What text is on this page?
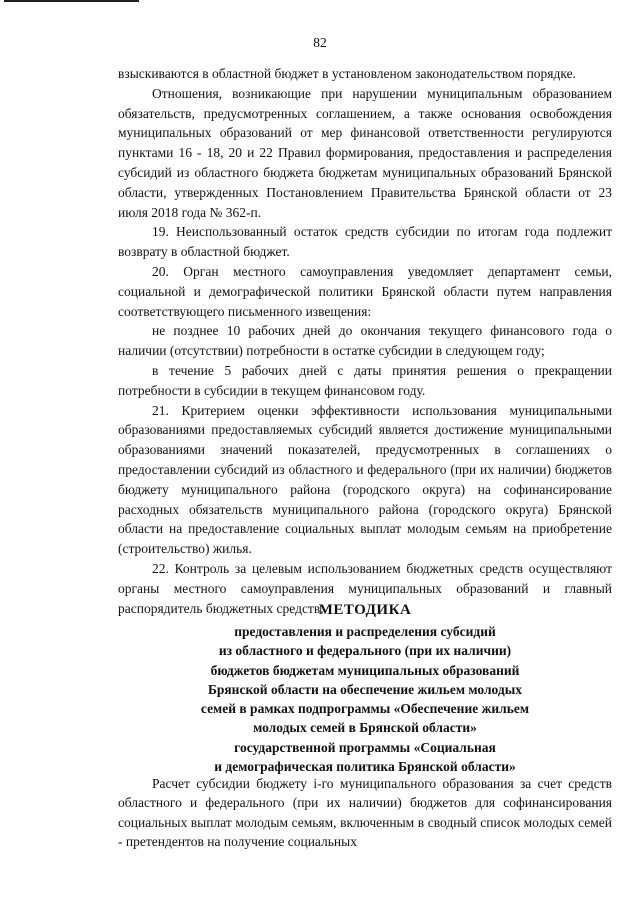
82

взыскиваются в областной бюджет в установленом законодательством порядке.

Отношения, возникающие при нарушении муниципальным образованием обязательств, предусмотренных соглашением, а также основания освобождения муниципальных образований от мер финансовой ответственности регулируются пунктами 16 - 18, 20 и 22 Правил формирования, предоставления и распределения субсидий из областного бюджета бюджетам муниципальных образований Брянской области, утвержденных Постановлением Правительства Брянской области от 23 июля 2018 года № 362-п.

19. Неиспользованный остаток средств субсидии по итогам года подлежит возврату в областной бюджет.

20. Орган местного самоуправления уведомляет департамент семьи, социальной и демографической политики Брянской области путем направления соответствующего письменного извещения:

не позднее 10 рабочих дней до окончания текущего финансового года о наличии (отсутствии) потребности в остатке субсидии в следующем году;

в течение 5 рабочих дней с даты принятия решения о прекращении потребности в субсидии в текущем финансовом году.

21. Критерием оценки эффективности использования муниципальными образованиями предоставляемых субсидий является достижение муниципальными образованиями значений показателей, предусмотренных в соглашениях о предоставлении субсидий из областного и федерального (при их наличии) бюджетов бюджету муниципального района (городского округа) на софинансирование расходных обязательств муниципального района (городского округа) Брянской области на предоставление социальных выплат молодым семьям на приобретение (строительство) жилья.

22. Контроль за целевым использованием бюджетных средств осуществляют органы местного самоуправления муниципальных образований и главный распорядитель бюджетных средств.

МЕТОДИКА
предоставления и распределения субсидий
из областного и федерального (при их наличии)
бюджетов бюджетам муниципальных образований
Брянской области на обеспечение жильем молодых
семей в рамках подпрограммы «Обеспечение жильем
молодых семей в Брянской области»
государственной программы «Социальная
и демографическая политика Брянской области»

Расчет субсидии бюджету i-го муниципального образования за счет средств областного и федерального (при их наличии) бюджетов для софинансирования социальных выплат молодым семьям, включенным в сводный список молодых семей - претендентов на получение социальных
